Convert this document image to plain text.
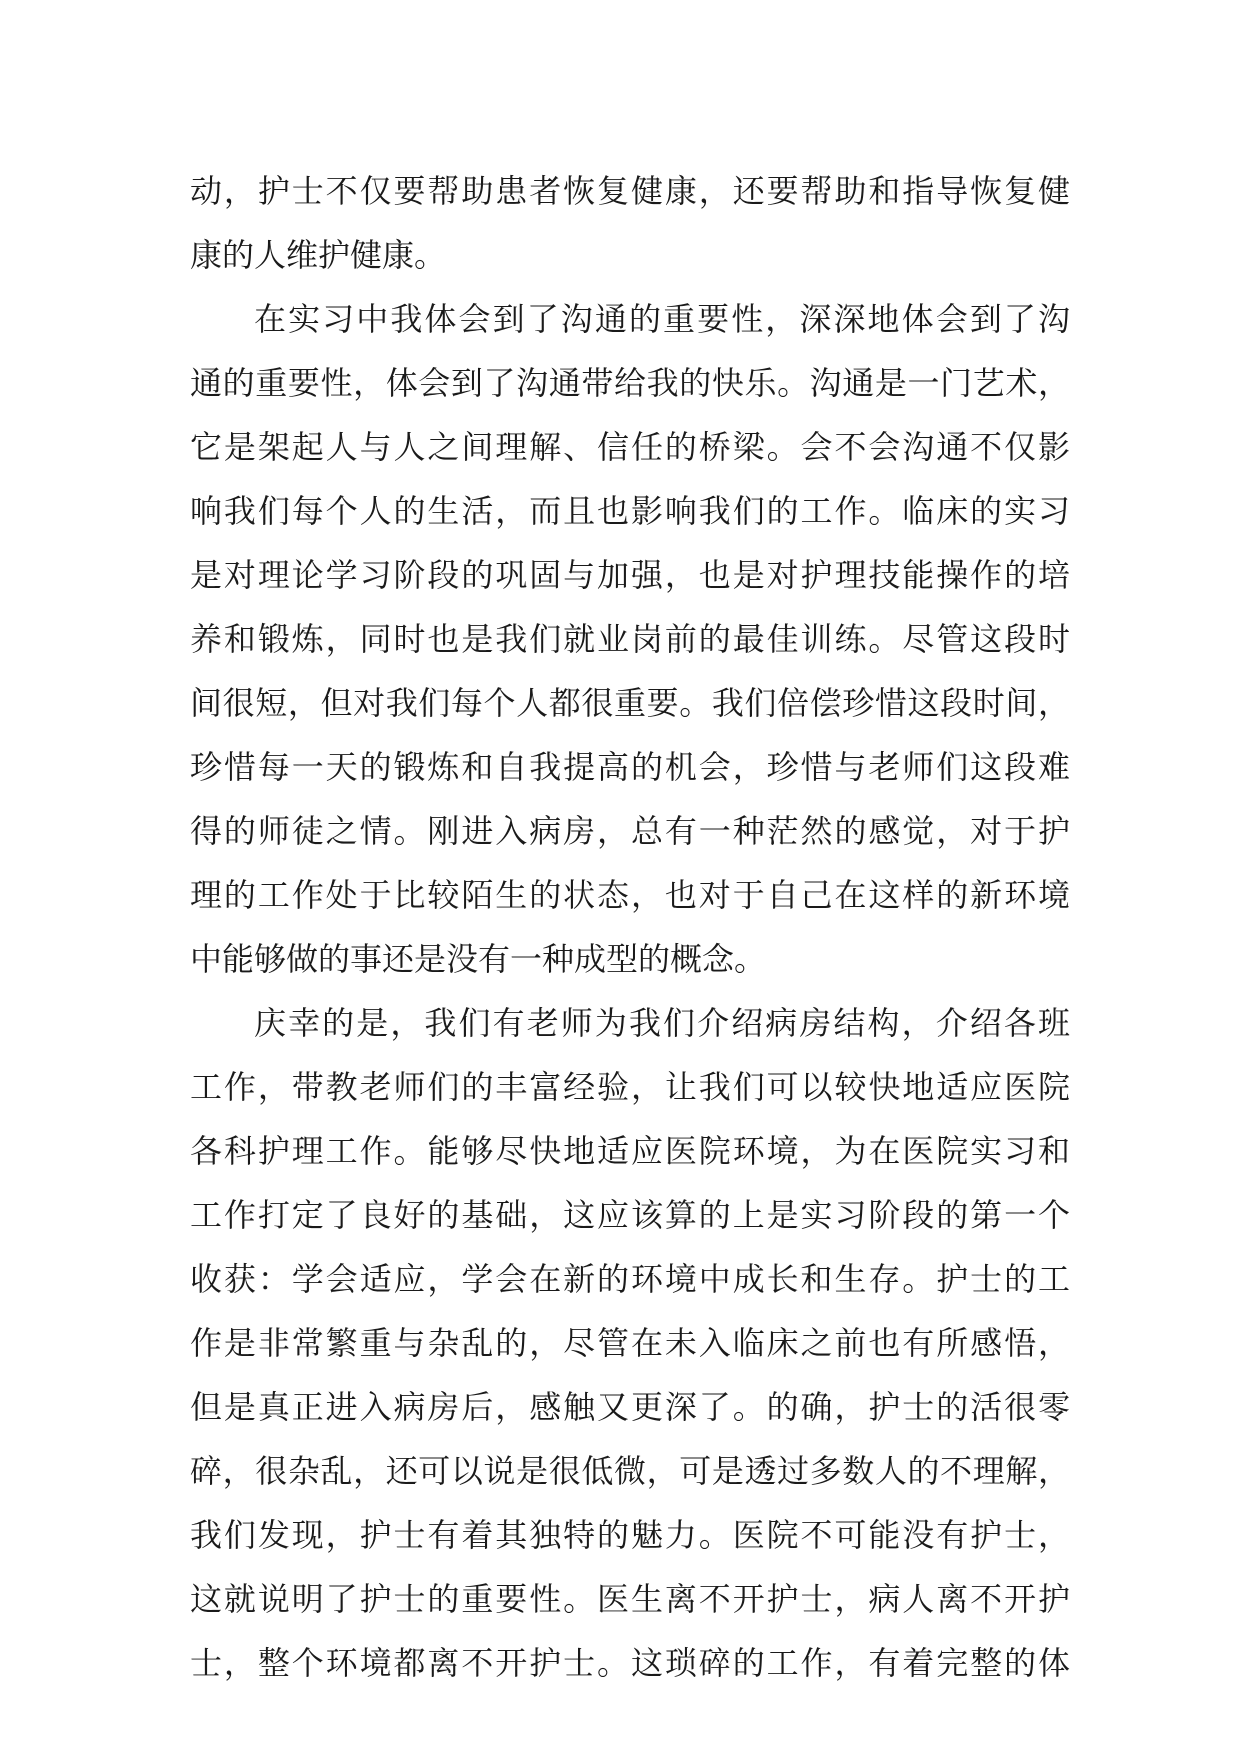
动，护士不仅要帮助患者恢复健康，还要帮助和指导恢复健
康的人维护健康。
在实习中我体会到了沟通的重要性，深深地体会到了沟
通的重要性，体会到了沟通带给我的快乐。沟通是一门艺术，
它是架起人与人之间理解、信任的桥梁。会不会沟通不仅影
响我们每个人的生活，而且也影响我们的工作。临床的实习
是对理论学习阶段的巩固与加强，也是对护理技能操作的培
养和锻炼，同时也是我们就业岗前的最佳训练。尽管这段时
间很短，但对我们每个人都很重要。我们倍偿珍惜这段时间，
珍惜每一天的锻炼和自我提高的机会，珍惜与老师们这段难
得的师徒之情。刚进入病房，总有一种茫然的感觉，对于护
理的工作处于比较陌生的状态，也对于自己在这样的新环境
中能够做的事还是没有一种成型的概念。
庆幸的是，我们有老师为我们介绍病房结构，介绍各班
工作，带教老师们的丰富经验，让我们可以较快地适应医院
各科护理工作。能够尽快地适应医院环境，为在医院实习和
工作打定了良好的基础，这应该算的上是实习阶段的第一个
收获：学会适应，学会在新的环境中成长和生存。护士的工
作是非常繁重与杂乱的，尽管在未入临床之前也有所感悟，
但是真正进入病房后，感触又更深了。的确，护士的活很零
碎，很杂乱，还可以说是很低微，可是透过多数人的不理解，
我们发现，护士有着其独特的魅力。医院不可能没有护士，
这就说明了护士的重要性。医生离不开护士，病人离不开护
士，整个环境都离不开护士。这琐碎的工作，有着完整的体
